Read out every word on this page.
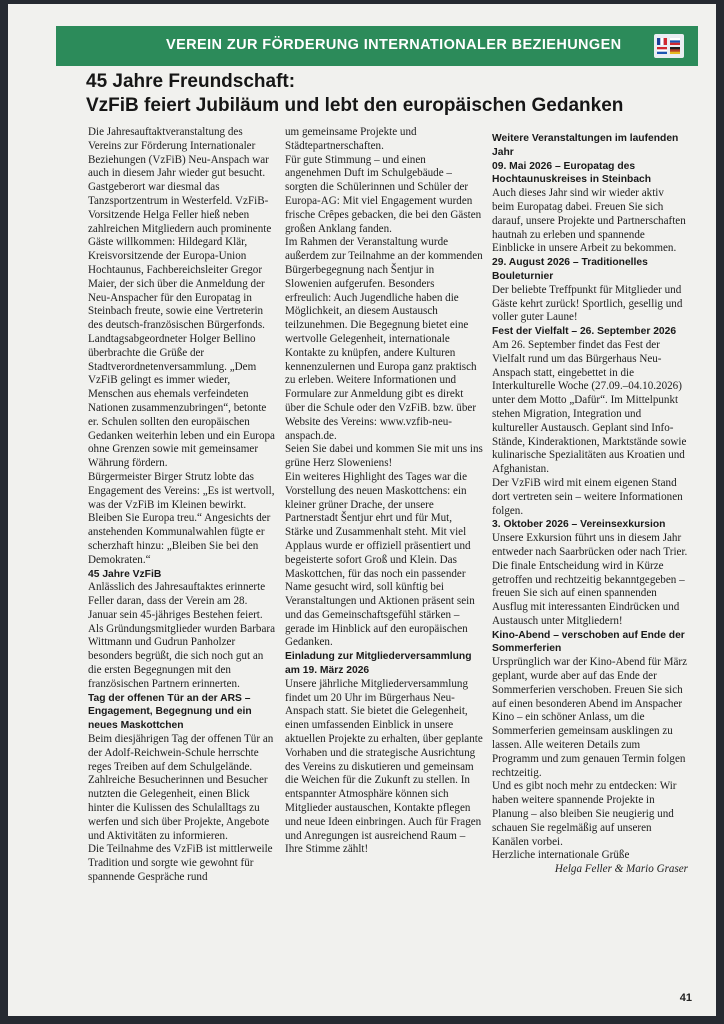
VEREIN ZUR FÖRDERUNG INTERNATIONALER BEZIEHUNGEN
45 Jahre Freundschaft:
VzFiB feiert Jubiläum und lebt den europäischen Gedanken

Die Jahresauftaktveranstaltung des Vereins zur Förderung Internationaler Beziehungen (VzFiB) Neu-Anspach war auch in diesem Jahr wieder gut besucht. Gastgeberort war diesmal das Tanzsportzentrum in Westerfeld. VzFiB-Vorsitzende Helga Feller hieß neben zahlreichen Mitgliedern auch prominente Gäste willkommen: Hildegard Klär, Kreisvorsitzende der Europa-Union Hochtaunus, Fachbereichsleiter Gregor Maier, der sich über die Anmeldung der Neu-Anspacher für den Europatag in Steinbach freute, sowie eine Vertreterin des deutsch-französischen Bürgerfonds.

Landtagsabgeordneter Holger Bellino überbrachte die Grüße der Stadtverordnetenversammlung. „Dem VzFiB gelingt es immer wieder, Menschen aus ehemals verfeindeten Nationen zusammenzubringen“, betonte er. Schulen sollten den europäischen Gedanken weiterhin leben und ein Europa ohne Grenzen sowie mit gemeinsamer Währung fördern.

Bürgermeister Birger Strutz lobte das Engagement des Vereins: „Es ist wertvoll, was der VzFiB im Kleinen bewirkt. Bleiben Sie Europa treu.“ Angesichts der anstehenden Kommunalwahlen fügte er scherzhaft hinzu: „Bleiben Sie bei den Demokraten.“

45 Jahre VzFiB

Anlässlich des Jahresauftaktes erinnerte Feller daran, dass der Verein am 28. Januar sein 45-jähriges Bestehen feiert. Als Gründungsmitglieder wurden Barbara Wittmann und Gudrun Panholzer besonders begrüßt, die sich noch gut an die ersten Begegnungen mit den französischen Partnern erinnerten.

Tag der offenen Tür an der ARS – Engagement, Begegnung und ein neues Maskottchen

Beim diesjährigen Tag der offenen Tür an der Adolf-Reichwein-Schule herrschte reges Treiben auf dem Schulgelände. Zahlreiche Besucherinnen und Besucher nutzten die Gelegenheit, einen Blick hinter die Kulissen des Schulalltags zu werfen und sich über Projekte, Angebote und Aktivitäten zu informieren.

Die Teilnahme des VzFiB ist mittlerweile Tradition und sorgte wie gewohnt für spannende Gespräche rund

um gemeinsame Projekte und Städtepartnerschaften.

Für gute Stimmung – und einen angenehmen Duft im Schulgebäude – sorgten die Schülerinnen und Schüler der Europa-AG: Mit viel Engagement wurden frische Crêpes gebacken, die bei den Gästen großen Anklang fanden.

Im Rahmen der Veranstaltung wurde außerdem zur Teilnahme an der kommenden Bürgerbegegnung nach Šentjur in Slowenien aufgerufen. Besonders erfreulich: Auch Jugendliche haben die Möglichkeit, an diesem Austausch teilzunehmen. Die Begegnung bietet eine wertvolle Gelegenheit, internationale Kontakte zu knüpfen, andere Kulturen kennenzulernen und Europa ganz praktisch zu erleben. Weitere Informationen und Formulare zur Anmeldung gibt es direkt über die Schule oder den VzFiB. bzw. über Website des Vereins: www.vzfib-neu-anspach.de.

Seien Sie dabei und kommen Sie mit uns ins grüne Herz Sloweniens!

Ein weiteres Highlight des Tages war die Vorstellung des neuen Maskottchens: ein kleiner grüner Drache, der unsere Partnerstadt Šentjur ehrt und für Mut, Stärke und Zusammenhalt steht. Mit viel Applaus wurde er offiziell präsentiert und begeisterte sofort Groß und Klein. Das Maskottchen, für das noch ein passender Name gesucht wird, soll künftig bei Veranstaltungen und Aktionen präsent sein und das Gemeinschaftsgefühl stärken – gerade im Hinblick auf den europäischen Gedanken.

Einladung zur Mitgliederversammlung am 19. März 2026

Unsere jährliche Mitgliederversammlung findet um 20 Uhr im Bürgerhaus Neu-Anspach statt. Sie bietet die Gelegenheit, einen umfassenden Einblick in unsere aktuellen Projekte zu erhalten, über geplante Vorhaben und die strategische Ausrichtung des Vereins zu diskutieren und gemeinsam die Weichen für die Zukunft zu stellen. In entspannter Atmosphäre können sich Mitglieder austauschen, Kontakte pflegen und neue Ideen einbringen. Auch für Fragen und Anregungen ist ausreichend Raum – Ihre Stimme zählt!

Weitere Veranstaltungen im laufenden Jahr

09. Mai 2026 – Europatag des Hochtaunuskreises in Steinbach

Auch dieses Jahr sind wir wieder aktiv beim Europatag dabei. Freuen Sie sich darauf, unsere Projekte und Partnerschaften hautnah zu erleben und spannende Einblicke in unsere Arbeit zu bekommen.

29. August 2026 – Traditionelles Bouleturnier

Der beliebte Treffpunkt für Mitglieder und Gäste kehrt zurück! Sportlich, gesellig und voller guter Laune!

Fest der Vielfalt – 26. September 2026

Am 26. September findet das Fest der Vielfalt rund um das Bürgerhaus Neu-Anspach statt, eingebettet in die Interkulturelle Woche (27.09.–04.10.2026) unter dem Motto „Dafür“. Im Mittelpunkt stehen Migration, Integration und kultureller Austausch. Geplant sind Info-Stände, Kinderaktionen, Marktstände sowie kulinarische Spezialitäten aus Kroatien und Afghanistan.

Der VzFiB wird mit einem eigenen Stand dort vertreten sein – weitere Informationen folgen.

3. Oktober 2026 – Vereinsexkursion

Unsere Exkursion führt uns in diesem Jahr entweder nach Saarbrücken oder nach Trier. Die finale Entscheidung wird in Kürze getroffen und rechtzeitig bekanntgegeben – freuen Sie sich auf einen spannenden Ausflug mit interessanten Eindrücken und Austausch unter Mitgliedern!

Kino-Abend – verschoben auf Ende der Sommerferien

Ursprünglich war der Kino-Abend für März geplant, wurde aber auf das Ende der Sommerferien verschoben. Freuen Sie sich auf einen besonderen Abend im Anspacher Kino – ein schöner Anlass, um die Sommerferien gemeinsam ausklingen zu lassen. Alle weiteren Details zum Programm und zum genauen Termin folgen rechtzeitig.

Und es gibt noch mehr zu entdecken: Wir haben weitere spannende Projekte in Planung – also bleiben Sie neugierig und schauen Sie regelmäßig auf unseren Kanälen vorbei.

Herzliche internationale Grüße

Helga Feller & Mario Graser

41
